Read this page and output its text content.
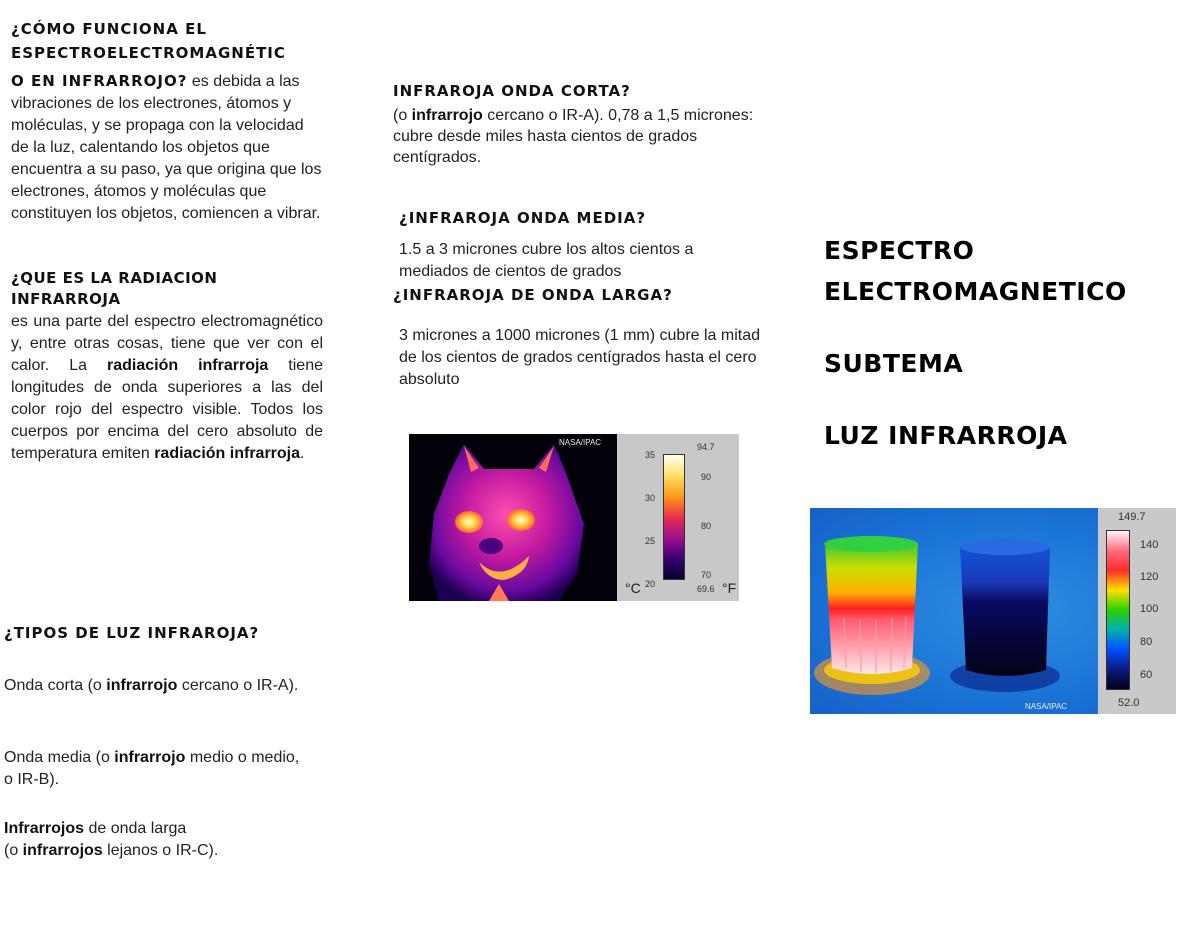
¿CÓMO FUNCIONA EL
ESPECTROELECTROMAGNÉTIC
O EN INFRARROJO? es debida a las vibraciones de los electrones, átomos y moléculas, y se propaga con la velocidad de la luz, calentando los objetos que encuentra a su paso, ya que origina que los electrones, átomos y moléculas que constituyen los objetos, comiencen a vibrar.
¿QUE ES LA RADIACION
INFRARROJA
es una parte del espectro electromagnético y, entre otras cosas, tiene que ver con el calor. La radiación infrarroja tiene longitudes de onda superiores a las del color rojo del espectro visible. Todos los cuerpos por encima del cero absoluto de temperatura emiten radiación infrarroja.
¿TIPOS DE LUZ INFRAROJA?
Onda corta (o infrarrojo cercano o IR-A).
Onda media (o infrarrojo medio o medio, o IR-B).
Infrarrojos de onda larga
(o infrarrojos lejanos o IR-C).
INFRAROJA ONDA CORTA?
(o infrarrojo cercano o IR-A). 0,78 a 1,5 micrones: cubre desde miles hasta cientos de grados centígrados.
¿INFRAROJA ONDA MEDIA?
1.5 a 3 micrones cubre los altos cientos a mediados de cientos de grados
¿INFRAROJA DE ONDA LARGA?
3 micrones a 1000 micrones (1 mm) cubre la mitad de los cientos de grados centígrados hasta el cero absoluto
NASA/IPAC
35
30
25
20
94.7
90
80
70
69.6
°C	°F
ESPECTRO
ELECTROMAGNETICO
SUBTEMA
LUZ INFRARROJA
NASA/IPAC
149.7
140
120
100
80
60
52.0
